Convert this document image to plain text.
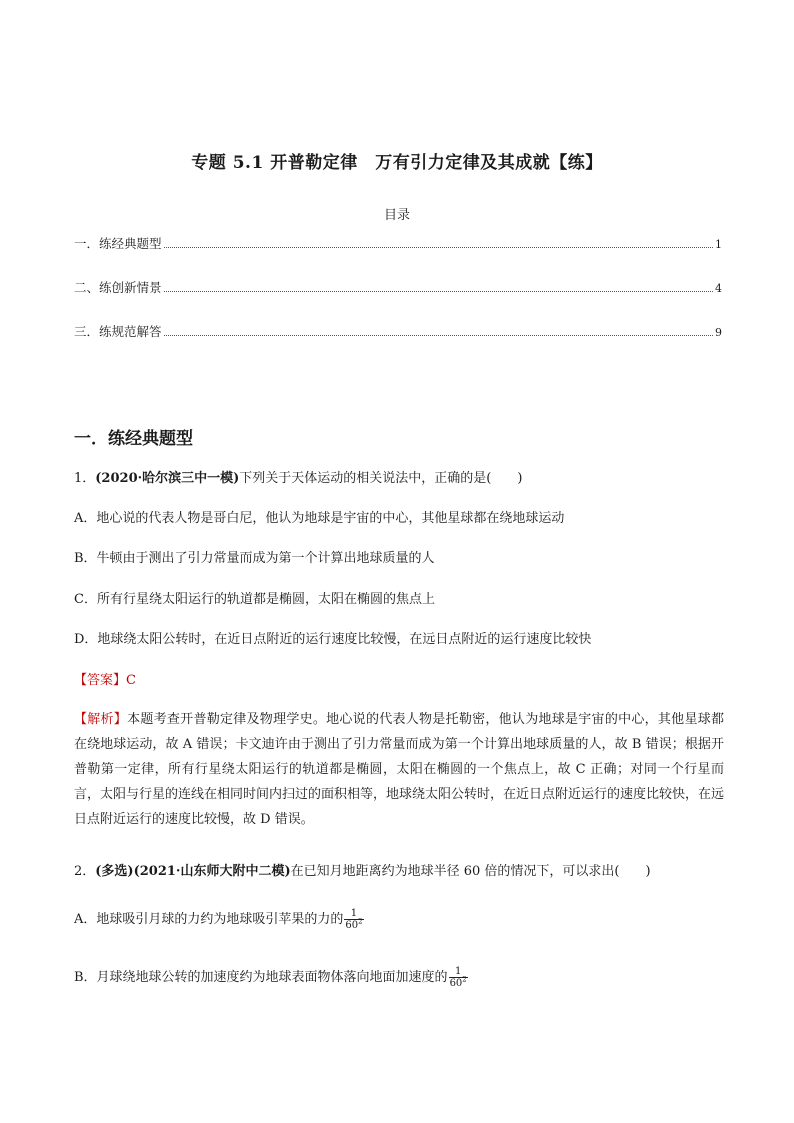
专题 5.1 开普勒定律　万有引力定律及其成就【练】
目录
一．练经典题型	1
二、练创新情景	4
三．练规范解答	9
一．练经典题型
1．(2020·哈尔滨三中一模)下列关于天体运动的相关说法中，正确的是(　　)
A．地心说的代表人物是哥白尼，他认为地球是宇宙的中心，其他星球都在绕地球运动
B．牛顿由于测出了引力常量而成为第一个计算出地球质量的人
C．所有行星绕太阳运行的轨道都是椭圆，太阳在椭圆的焦点上
D．地球绕太阳公转时，在近日点附近的运行速度比较慢，在远日点附近的运行速度比较快
【答案】C
【解析】本题考查开普勒定律及物理学史。地心说的代表人物是托勒密，他认为地球是宇宙的中心，其他星球都在绕地球运动，故 A 错误；卡文迪许由于测出了引力常量而成为第一个计算出地球质量的人，故 B 错误；根据开普勒第一定律，所有行星绕太阳运行的轨道都是椭圆，太阳在椭圆的一个焦点上，故 C 正确；对同一个行星而言，太阳与行星的连线在相同时间内扫过的面积相等，地球绕太阳公转时，在近日点附近运行的速度比较快，在远日点附近运行的速度比较慢，故 D 错误。
2．(多选)(2021·山东师大附中二模)在已知月地距离约为地球半径 60 倍的情况下，可以求出(　　)
A．地球吸引月球的力约为地球吸引苹果的力的 $\frac{1}{60^2}$
B．月球绕地球公转的加速度约为地球表面物体落向地面加速度的 $\frac{1}{60^2}$
